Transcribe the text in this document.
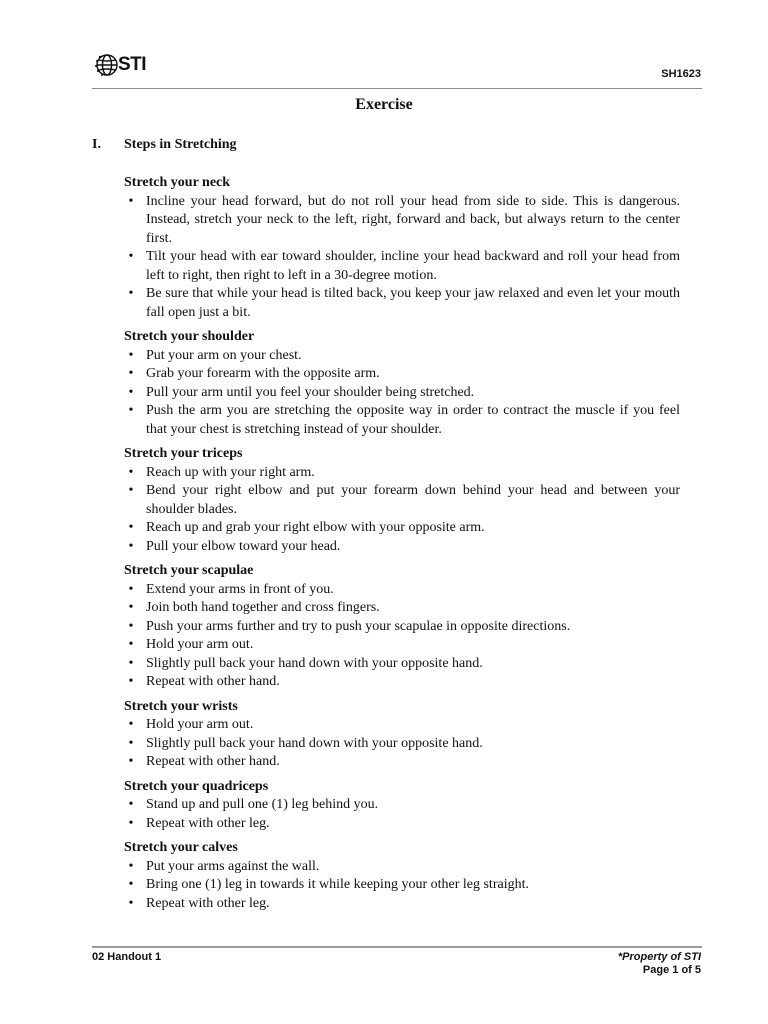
STI	SH1623
Exercise
I.	Steps in Stretching

Stretch your neck

• Incline your head forward, but do not roll your head from side to side. This is dangerous. Instead, stretch your neck to the left, right, forward and back, but always return to the center first.
• Tilt your head with ear toward shoulder, incline your head backward and roll your head from left to right, then right to left in a 30-degree motion.
• Be sure that while your head is tilted back, you keep your jaw relaxed and even let your mouth fall open just a bit.

Stretch your shoulder

• Put your arm on your chest.
• Grab your forearm with the opposite arm.
• Pull your arm until you feel your shoulder being stretched.
• Push the arm you are stretching the opposite way in order to contract the muscle if you feel that your chest is stretching instead of your shoulder.

Stretch your triceps

• Reach up with your right arm.
• Bend your right elbow and put your forearm down behind your head and between your shoulder blades.
• Reach up and grab your right elbow with your opposite arm.
• Pull your elbow toward your head.

Stretch your scapulae

• Extend your arms in front of you.
• Join both hand together and cross fingers.
• Push your arms further and try to push your scapulae in opposite directions.
• Hold your arm out.
• Slightly pull back your hand down with your opposite hand.
• Repeat with other hand.

Stretch your wrists

• Hold your arm out.
• Slightly pull back your hand down with your opposite hand.
• Repeat with other hand.

Stretch your quadriceps

• Stand up and pull one (1) leg behind you.
• Repeat with other leg.

Stretch your calves

• Put your arms against the wall.
• Bring one (1) leg in towards it while keeping your other leg straight.
• Repeat with other leg.
02 Handout 1	*Property of STI
Page 1 of 5
